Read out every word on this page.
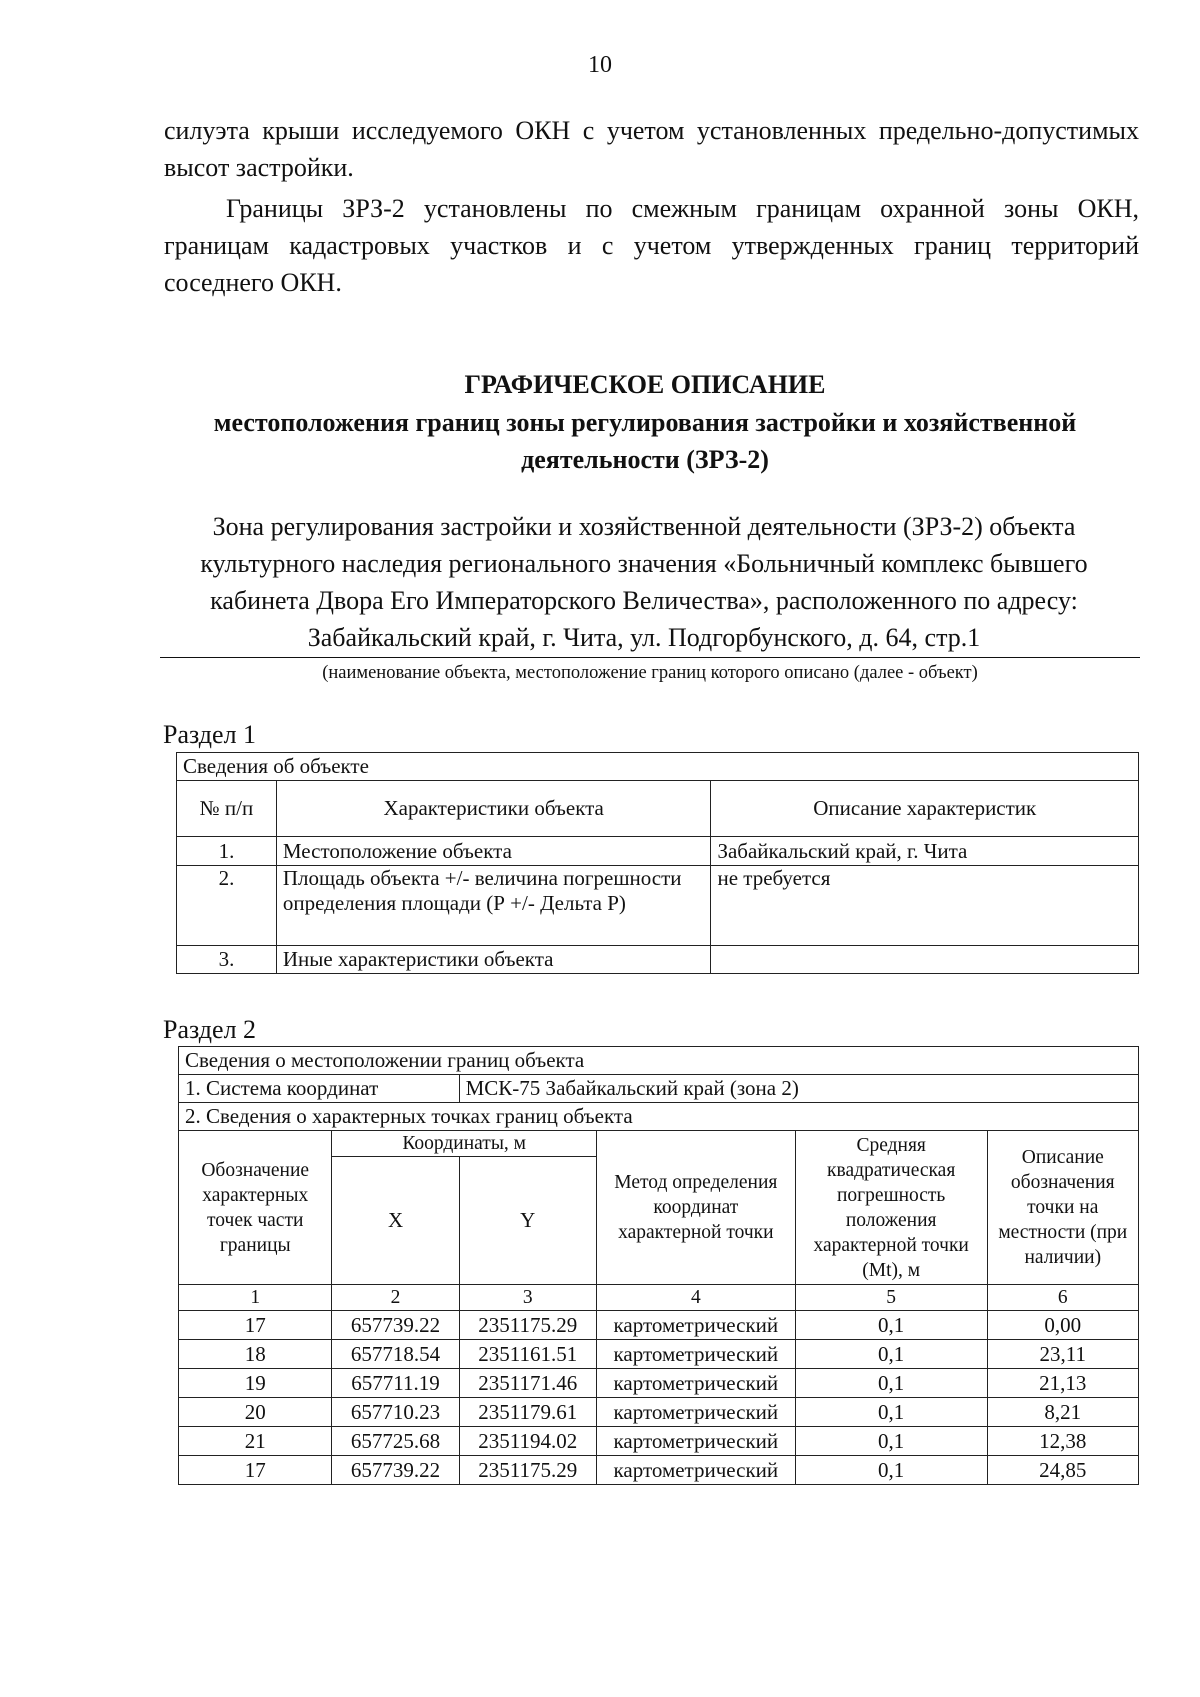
10
силуэта крыши исследуемого ОКН с учетом установленных предельно-допустимых высот застройки.
Границы ЗРЗ-2 установлены по смежным границам охранной зоны ОКН, границам кадастровых участков и с учетом утвержденных границ территорий соседнего ОКН.
ГРАФИЧЕСКОЕ ОПИСАНИЕ
местоположения границ зоны регулирования застройки и хозяйственной деятельности (ЗРЗ-2)
Зона регулирования застройки и хозяйственной деятельности (ЗРЗ-2) объекта культурного наследия регионального значения «Больничный комплекс бывшего кабинета Двора Его Императорского Величества», расположенного по адресу: Забайкальский край, г. Чита, ул. Подгорбунского, д. 64, стр.1
(наименование объекта, местоположение границ которого описано (далее - объект)
Раздел 1
Сведения об объекте		
№ п/п	Характеристики объекта	Описание характеристик
1.	Местоположение объекта	Забайкальский край, г. Чита
2.	Площадь объекта +/- величина погрешности определения площади (Р +/- Дельта Р)	не требуется
3.	Иные характеристики объекта	
Раздел 2
Сведения о местоположении границ объекта					
1. Система координат		МСК-75 Забайкальский край (зона 2)			
2. Сведения о характерных точках границ объекта					
Обозначение характерных точек части границы	Координаты, м		Метод определения координат характерной точки	Средняя квадратическая погрешность положения характерной точки (Mt), м	Описание обозначения точки на местности (при наличии)
	X	Y			
1	2	3	4	5	6
17	657739.22	2351175.29	картометрический	0,1	0,00
18	657718.54	2351161.51	картометрический	0,1	23,11
19	657711.19	2351171.46	картометрический	0,1	21,13
20	657710.23	2351179.61	картометрический	0,1	8,21
21	657725.68	2351194.02	картометрический	0,1	12,38
17	657739.22	2351175.29	картометрический	0,1	24,85
